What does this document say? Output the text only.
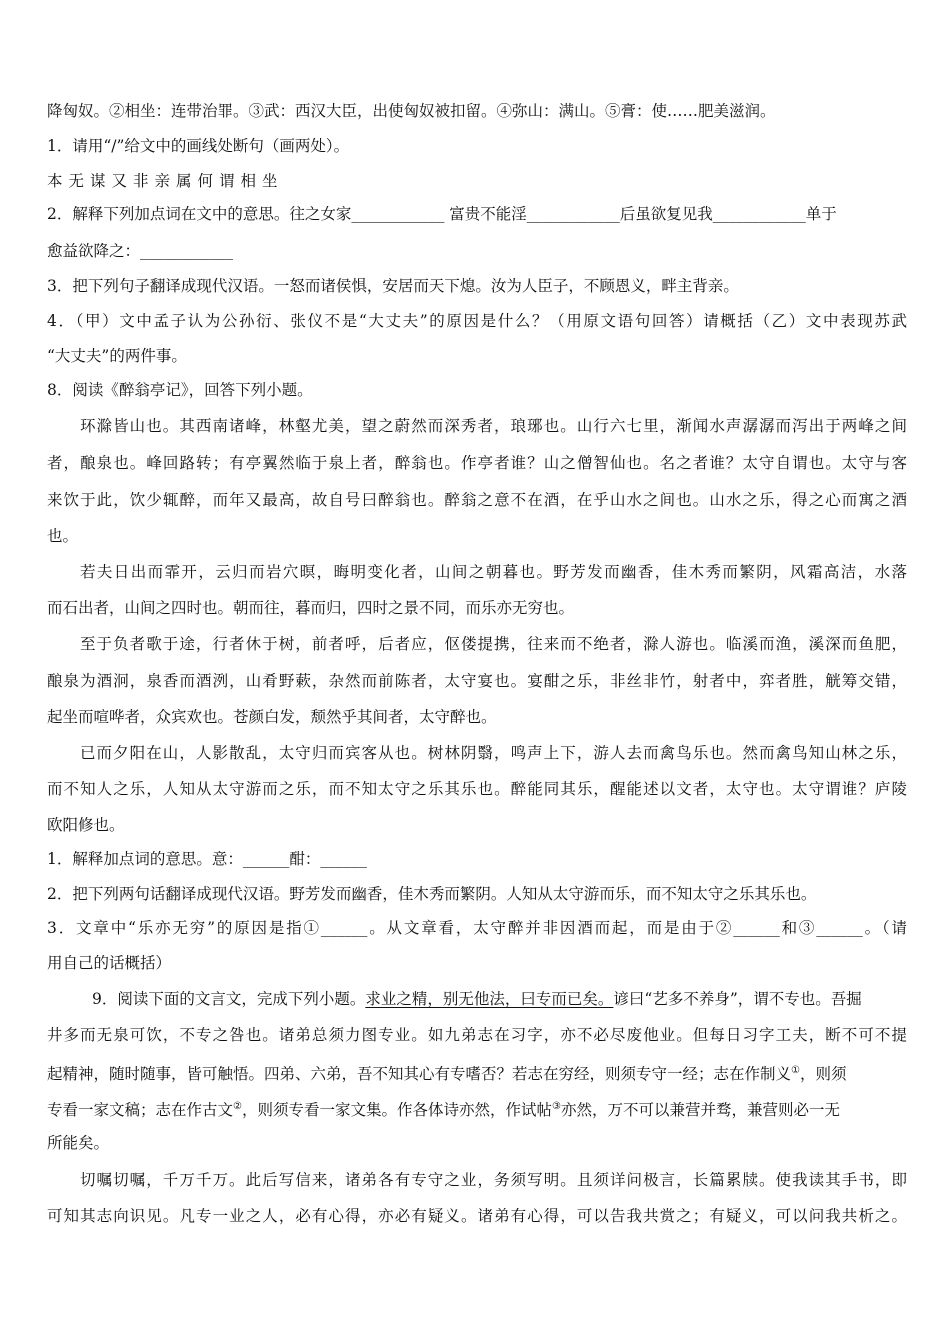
降匈奴。②相坐：连带治罪。③武：西汉大臣，出使匈奴被扣留。④弥山：满山。⑤膏：使……肥美滋润。
1．请用“/”给文中的画线处断句（画两处）。
本无谋又非亲属何谓相坐
2．解释下列加点词在文中的意思。往之女家____________ 富贵不能淫____________后虽欲复见我____________单于
愈益欲降之：____________
3．把下列句子翻译成现代汉语。一怒而诸侯惧，安居而天下熄。汝为人臣子，不顾恩义，畔主背亲。
4．（甲）文中孟子认为公孙衍、张仪不是“大丈夫”的原因是什么？（用原文语句回答）请概括（乙）文中表现苏武
“大丈夫”的两件事。
8．阅读《醉翁亭记》，回答下列小题。
环滁皆山也。其西南诸峰，林壑尤美，望之蔚然而深秀者，琅琊也。山行六七里，渐闻水声潺潺而泻出于两峰之间
者，酿泉也。峰回路转；有亭翼然临于泉上者，醉翁也。作亭者谁？山之僧智仙也。名之者谁？太守自谓也。太守与客
来饮于此，饮少辄醉，而年又最高，故自号曰醉翁也。醉翁之意不在酒，在乎山水之间也。山水之乐，得之心而寓之酒
也。
若夫日出而霏开，云归而岩穴暝，晦明变化者，山间之朝暮也。野芳发而幽香，佳木秀而繁阴，风霜高洁，水落
而石出者，山间之四时也。朝而往，暮而归，四时之景不同，而乐亦无穷也。
至于负者歌于途，行者休于树，前者呼，后者应，伛偻提携，往来而不绝者，滁人游也。临溪而渔，溪深而鱼肥，
酿泉为酒泂，泉香而酒洌，山肴野蔌，杂然而前陈者，太守宴也。宴酣之乐，非丝非竹，射者中，弈者胜，觥筹交错，
起坐而喧哗者，众宾欢也。苍颜白发，颓然乎其间者，太守醉也。
已而夕阳在山，人影散乱，太守归而宾客从也。树林阴翳，鸣声上下，游人去而禽鸟乐也。然而禽鸟知山林之乐，
而不知人之乐，人知从太守游而之乐，而不知太守之乐其乐也。醉能同其乐，醒能述以文者，太守也。太守谓谁？庐陵
欧阳修也。
1．解释加点词的意思。意：______酣：______
2．把下列两句话翻译成现代汉语。野芳发而幽香，佳木秀而繁阴。人知从太守游而乐，而不知太守之乐其乐也。
3．文章中“乐亦无穷”的原因是指①______。从文章看，太守醉并非因酒而起，而是由于②______和③______。（请
用自己的话概括）
9．阅读下面的文言文，完成下列小题。求业之精，别无他法，曰专而已矣。谚曰“艺多不养身”，谓不专也。吾掘
井多而无泉可饮，不专之咎也。诸弟总须力图专业。如九弟志在习字，亦不必尽废他业。但每日习字工夫，断不可不提
起精神，随时随事，皆可触悟。四弟、六弟，吾不知其心有专嗜否？若志在穷经，则须专守一经；志在作制义①，则须
专看一家文稿；志在作古文②，则须专看一家文集。作各体诗亦然，作试帖③亦然，万不可以兼营并骛，兼营则必一无
所能矣。
切嘱切嘱，千万千万。此后写信来，诸弟各有专守之业，务须写明。且须详问极言，长篇累牍。使我读其手书，即
可知其志向识见。凡专一业之人，必有心得，亦必有疑义。诸弟有心得，可以告我共赏之；有疑义，可以问我共析之。
